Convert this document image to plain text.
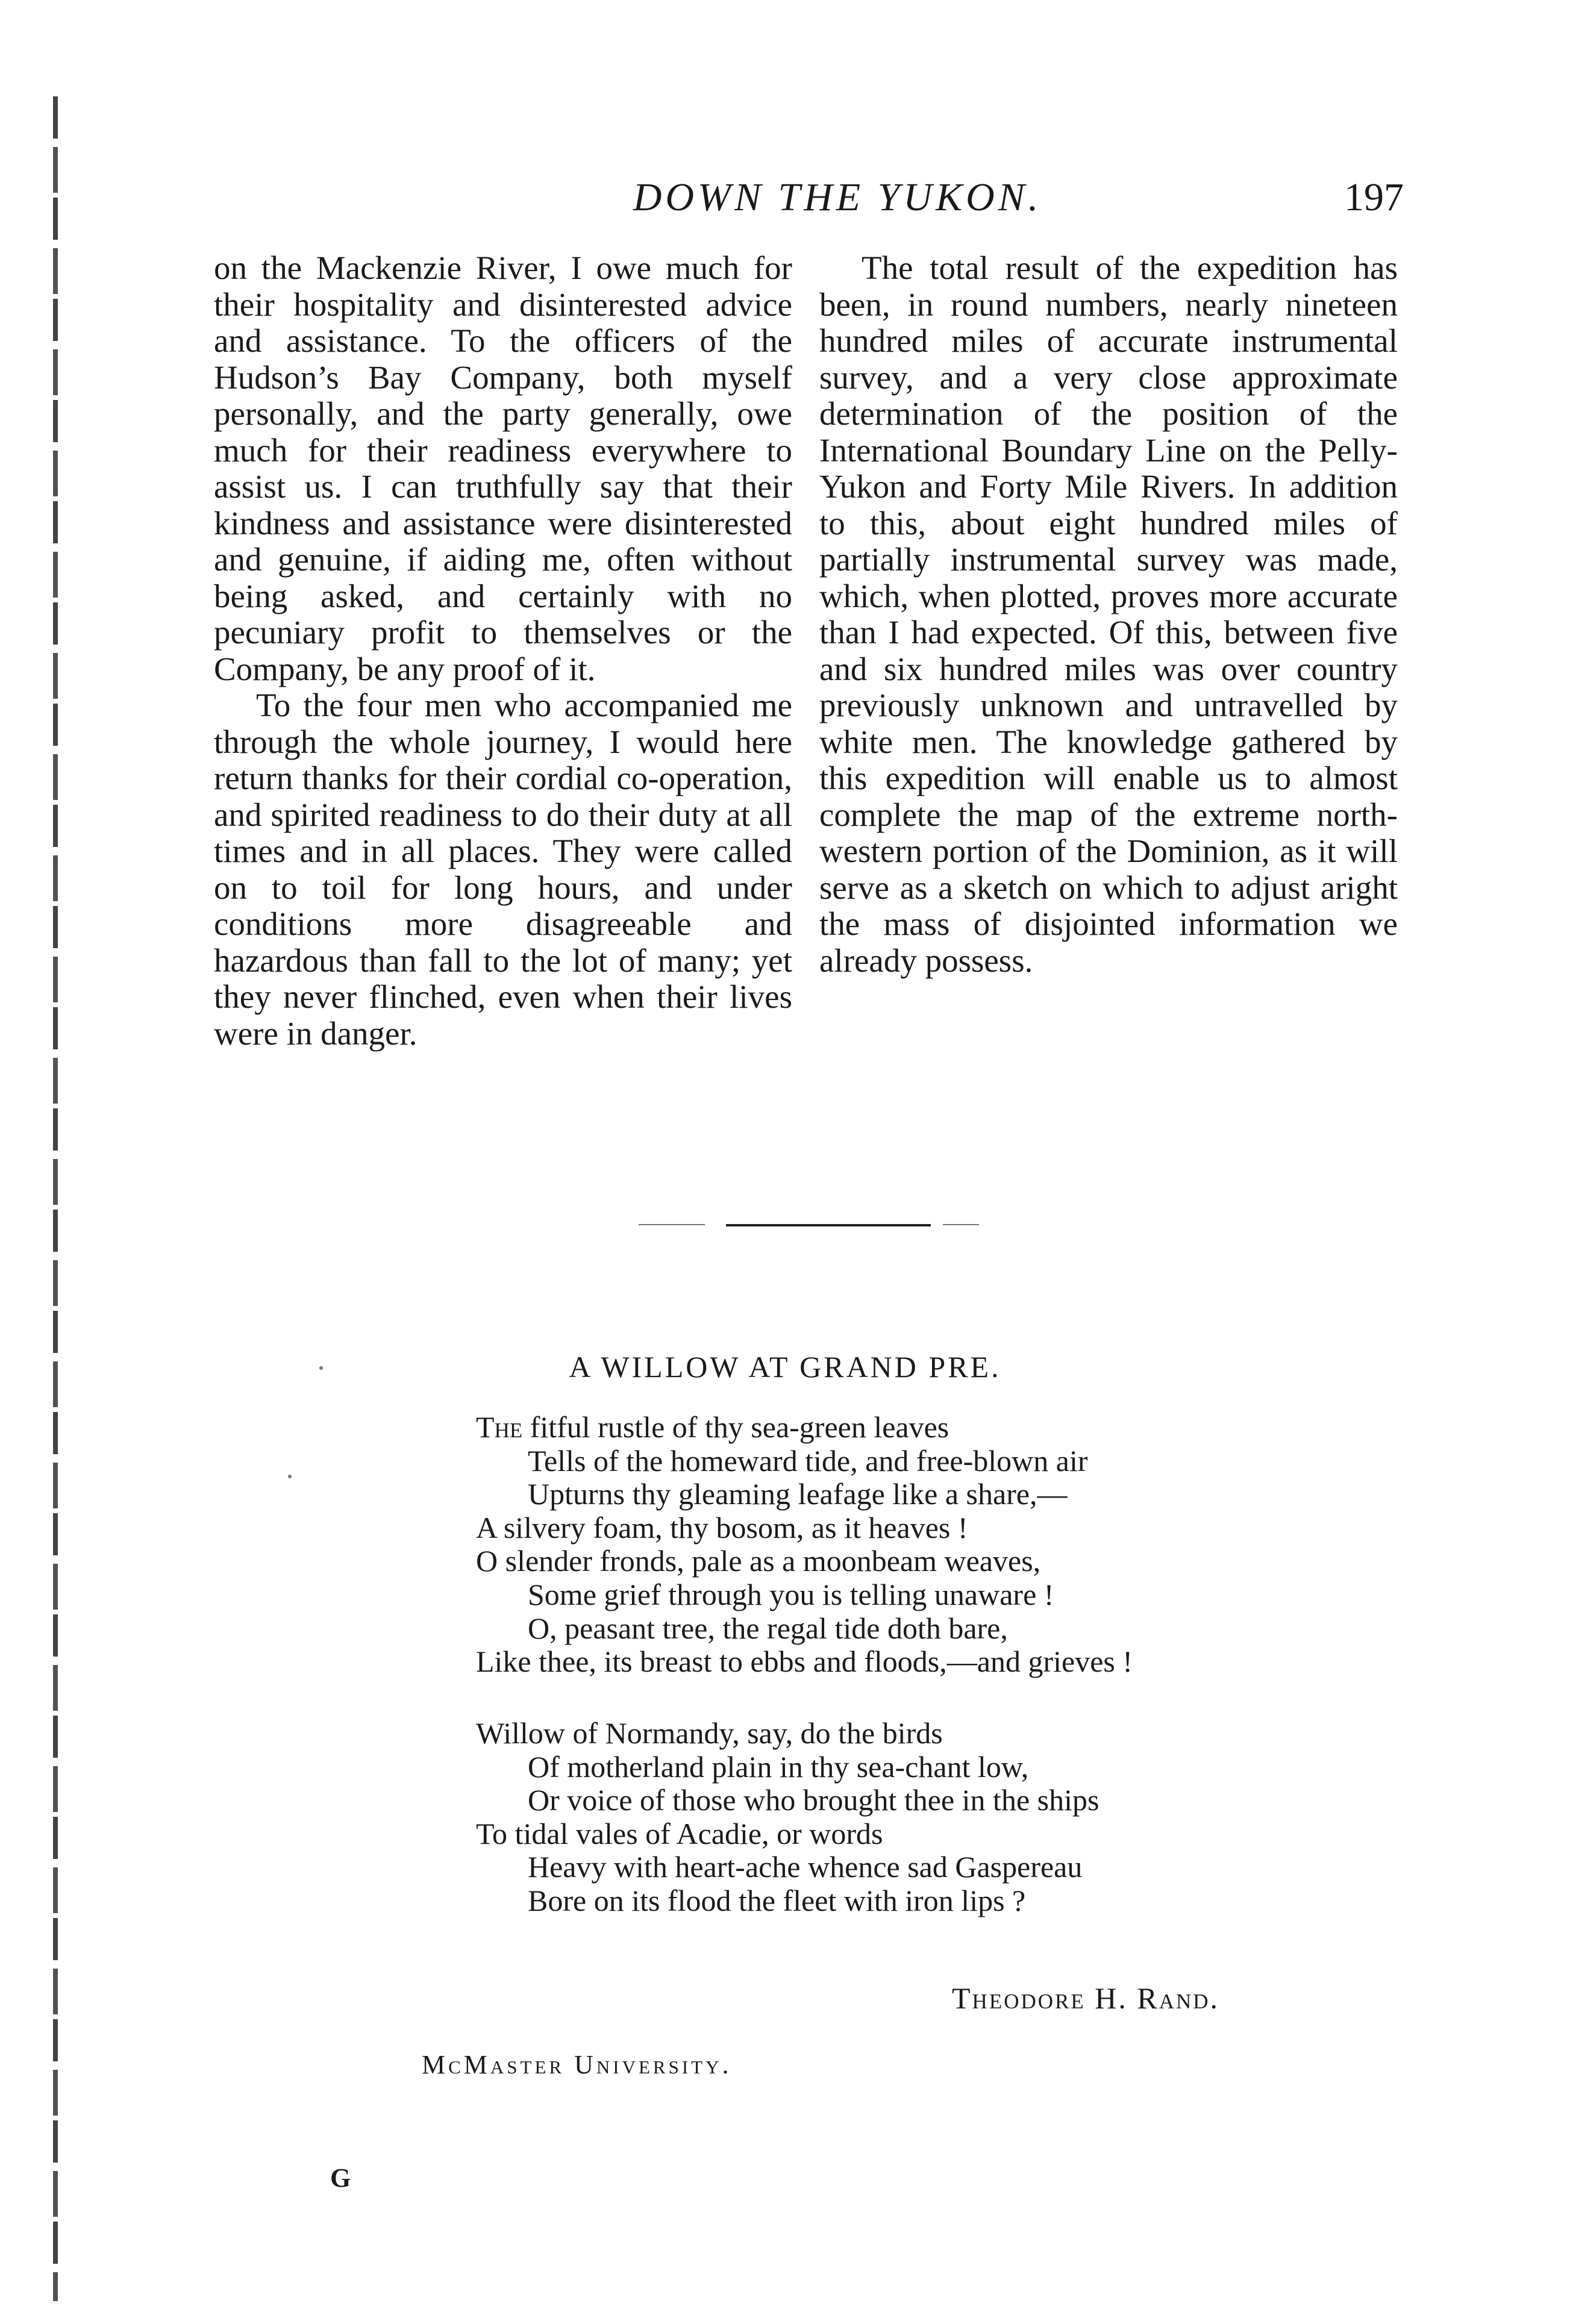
DOWN THE YUKON.	197

on the Mackenzie River, I owe much for their hospitality and disinterested advice and assistance. To the officers of the Hudson’s Bay Company, both myself personally, and the party generally, owe much for their readiness everywhere to assist us. I can truthfully say that their kindness and assistance were disinterested and genuine, if aiding me, often without being asked, and certainly with no pecuniary profit to themselves or the Company, be any proof of it.

To the four men who accompanied me through the whole journey, I would here return thanks for their cordial co-operation, and spirited readiness to do their duty at all times and in all places. They were called on to toil for long hours, and under conditions more disagreeable and hazardous than fall to the lot of many; yet they never flinched, even when their lives were in danger.

The total result of the expedition has been, in round numbers, nearly nineteen hundred miles of accurate instrumental survey, and a very close approximate determination of the position of the International Boundary Line on the Pelly-Yukon and Forty Mile Rivers. In addition to this, about eight hundred miles of partially instrumental survey was made, which, when plotted, proves more accurate than I had expected. Of this, between five and six hundred miles was over country previously unknown and untravelled by white men. The knowledge gathered by this expedition will enable us to almost complete the map of the extreme north-western portion of the Dominion, as it will serve as a sketch on which to adjust aright the mass of disjointed information we already possess.

A WILLOW AT GRAND PRE.
The fitful rustle of thy sea-green leaves
Tells of the homeward tide, and free-blown air
Upturns thy gleaming leafage like a share,—
A silvery foam, thy bosom, as it heaves !
O slender fronds, pale as a moonbeam weaves,
Some grief through you is telling unaware !
O, peasant tree, the regal tide doth bare,
Like thee, its breast to ebbs and floods,—and grieves !
Willow of Normandy, say, do the birds
Of motherland plain in thy sea-chant low,
Or voice of those who brought thee in the ships
To tidal vales of Acadie, or words
Heavy with heart-ache whence sad Gaspereau
Bore on its flood the fleet with iron lips ?
Theodore H. Rand.
McMaster University.
G
